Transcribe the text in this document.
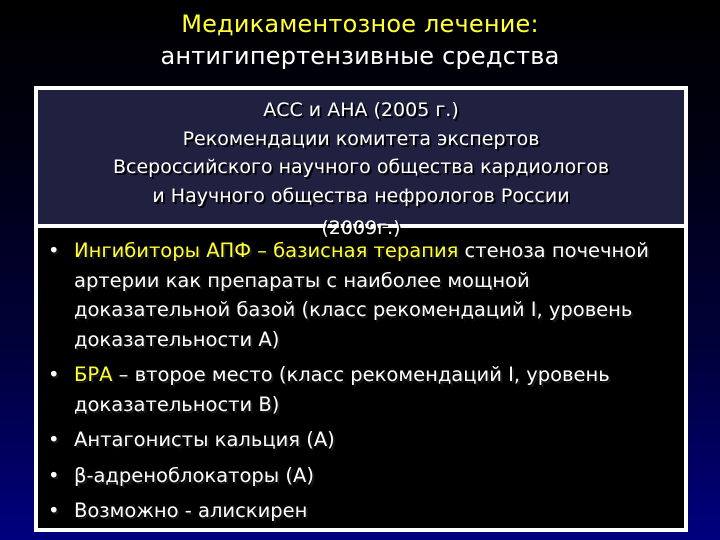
Медикаментозное лечение:
антигипертензивные средства
АСС и АНА (2005 г.)
Рекомендации комитета экспертов
Всероссийского научного общества кардиологов
и Научного общества нефрологов России
(2009г.)
• Ингибиторы АПФ – базисная терапия стеноза почечной артерии как препараты с наиболее мощной доказательной базой (класс рекомендаций I, уровень доказательности А)
• БРА – второе место (класс рекомендаций I, уровень доказательности В)
• Антагонисты кальция (А)
• β-адреноблокаторы (А)
• Возможно - алискирен
